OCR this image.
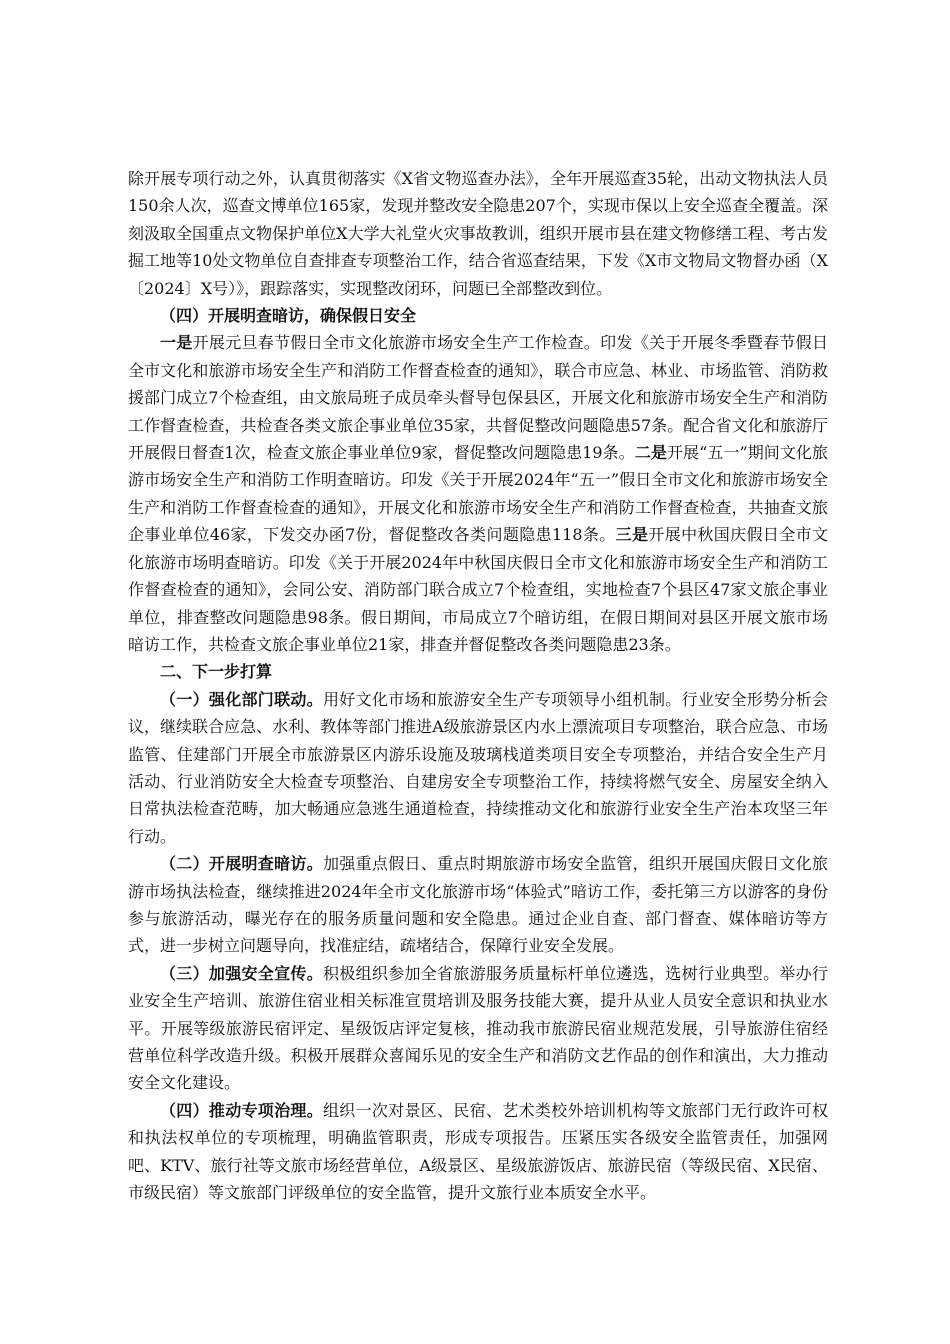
除开展专项行动之外，认真贯彻落实《X省文物巡查办法》，全年开展巡查35轮，出动文物执法人员150余人次，巡查文博单位165家，发现并整改安全隐患207个，实现市保以上安全巡查全覆盖。深刻汲取全国重点文物保护单位X大学大礼堂火灾事故教训，组织开展市县在建文物修缮工程、考古发掘工地等10处文物单位自查排查专项整治工作，结合省巡查结果，下发《X市文物局文物督办函（X〔2024〕X号）》，跟踪落实，实现整改闭环，问题已全部整改到位。

（四）开展明查暗访，确保假日安全

一是开展元旦春节假日全市文化旅游市场安全生产工作检查。印发《关于开展冬季暨春节假日全市文化和旅游市场安全生产和消防工作督查检查的通知》，联合市应急、林业、市场监管、消防救援部门成立7个检查组，由文旅局班子成员牵头督导包保县区，开展文化和旅游市场安全生产和消防工作督查检查，共检查各类文旅企事业单位35家，共督促整改问题隐患57条。配合省文化和旅游厅开展假日督查1次，检查文旅企事业单位9家，督促整改问题隐患19条。二是开展“五一”期间文化旅游市场安全生产和消防工作明查暗访。印发《关于开展2024年“五一”假日全市文化和旅游市场安全生产和消防工作督查检查的通知》，开展文化和旅游市场安全生产和消防工作督查检查，共抽查文旅企事业单位46家，下发交办函7份，督促整改各类问题隐患118条。三是开展中秋国庆假日全市文化旅游市场明查暗访。印发《关于开展2024年中秋国庆假日全市文化和旅游市场安全生产和消防工作督查检查的通知》，会同公安、消防部门联合成立7个检查组，实地检查7个县区47家文旅企事业单位，排查整改问题隐患98条。假日期间，市局成立7个暗访组，在假日期间对县区开展文旅市场暗访工作，共检查文旅企事业单位21家，排查并督促整改各类问题隐患23条。

二、下一步打算

（一）强化部门联动。用好文化市场和旅游安全生产专项领导小组机制。行业安全形势分析会议，继续联合应急、水利、教体等部门推进A级旅游景区内水上漂流项目专项整治，联合应急、市场监管、住建部门开展全市旅游景区内游乐设施及玻璃栈道类项目安全专项整治，并结合安全生产月活动、行业消防安全大检查专项整治、自建房安全专项整治工作，持续将燃气安全、房屋安全纳入日常执法检查范畴，加大畅通应急逃生通道检查，持续推动文化和旅游行业安全生产治本攻坚三年行动。

（二）开展明查暗访。加强重点假日、重点时期旅游市场安全监管，组织开展国庆假日文化旅游市场执法检查，继续推进2024年全市文化旅游市场“体验式”暗访工作，委托第三方以游客的身份参与旅游活动，曝光存在的服务质量问题和安全隐患。通过企业自查、部门督查、媒体暗访等方式，进一步树立问题导向，找准症结，疏堵结合，保障行业安全发展。

（三）加强安全宣传。积极组织参加全省旅游服务质量标杆单位遴选，选树行业典型。举办行业安全生产培训、旅游住宿业相关标准宣贯培训及服务技能大赛，提升从业人员安全意识和执业水平。开展等级旅游民宿评定、星级饭店评定复核，推动我市旅游民宿业规范发展，引导旅游住宿经营单位科学改造升级。积极开展群众喜闻乐见的安全生产和消防文艺作品的创作和演出，大力推动安全文化建设。

（四）推动专项治理。组织一次对景区、民宿、艺术类校外培训机构等文旅部门无行政许可权和执法权单位的专项梳理，明确监管职责，形成专项报告。压紧压实各级安全监管责任，加强网吧、KTV、旅行社等文旅市场经营单位，A级景区、星级旅游饭店、旅游民宿（等级民宿、X民宿、市级民宿）等文旅部门评级单位的安全监管，提升文旅行业本质安全水平。
